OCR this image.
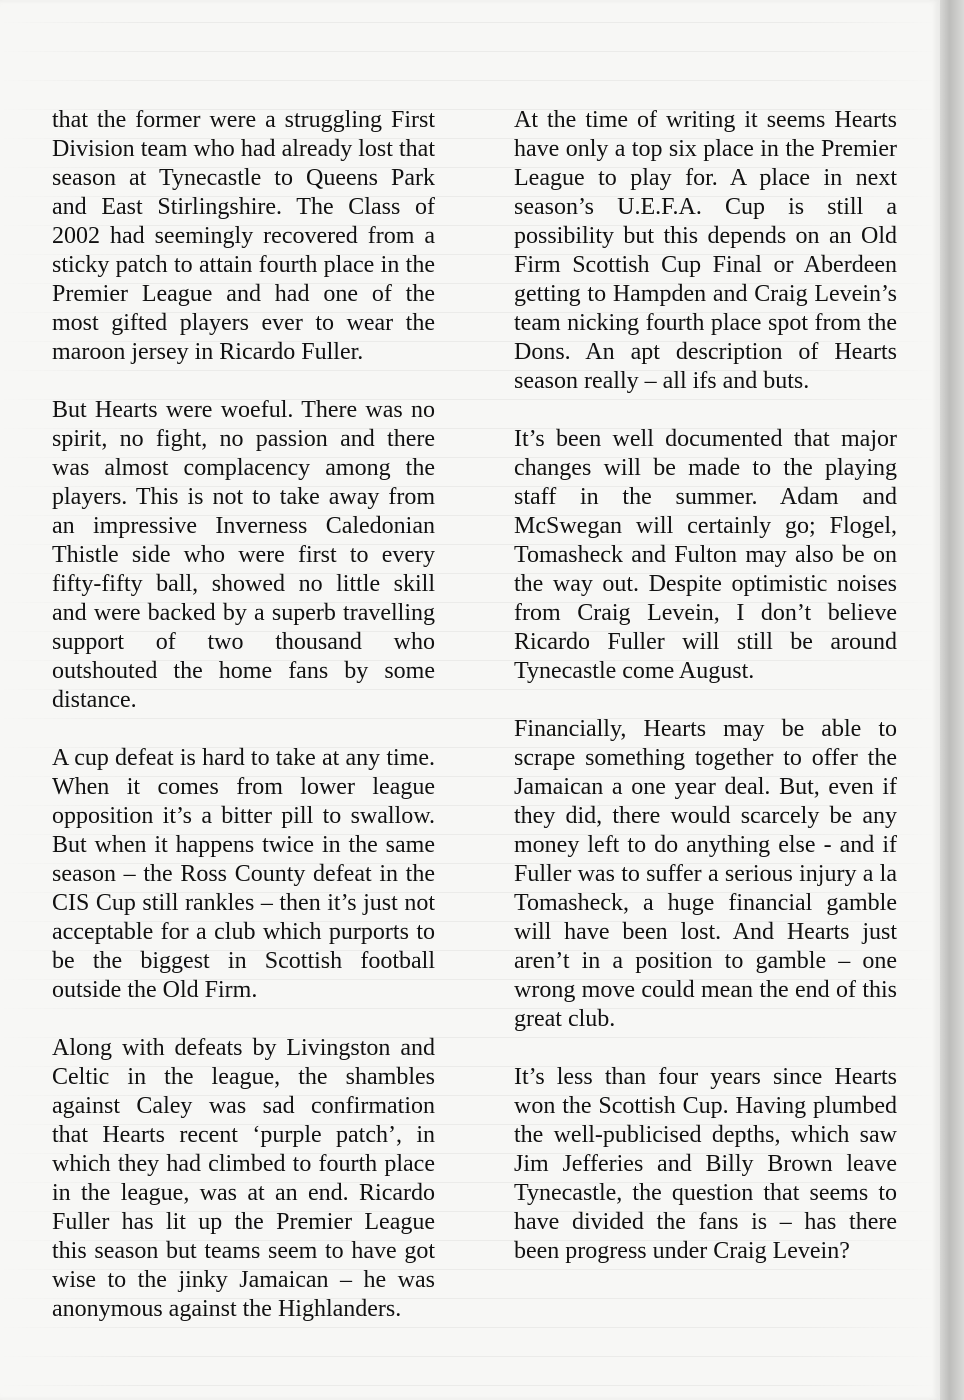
that the former were a struggling First Division team who had already lost that season at Tynecastle to Queens Park and East Stirlingshire. The Class of 2002 had seemingly recovered from a sticky patch to attain fourth place in the Premier League and had one of the most gifted players ever to wear the maroon jersey in Ricardo Fuller.

But Hearts were woeful. There was no spirit, no fight, no passion and there was almost complacency among the players. This is not to take away from an impressive Inverness Caledonian Thistle side who were first to every fifty-fifty ball, showed no little skill and were backed by a superb travelling support of two thousand who outshouted the home fans by some distance.

A cup defeat is hard to take at any time. When it comes from lower league opposition it’s a bitter pill to swallow. But when it happens twice in the same season – the Ross County defeat in the CIS Cup still rankles – then it’s just not acceptable for a club which purports to be the biggest in Scottish football outside the Old Firm.

Along with defeats by Livingston and Celtic in the league, the shambles against Caley was sad confirmation that Hearts recent ‘purple patch’, in which they had climbed to fourth place in the league, was at an end. Ricardo Fuller has lit up the Premier League this season but teams seem to have got wise to the jinky Jamaican – he was anonymous against the Highlanders.

At the time of writing it seems Hearts have only a top six place in the Premier League to play for. A place in next season’s U.E.F.A. Cup is still a possibility but this depends on an Old Firm Scottish Cup Final or Aberdeen getting to Hampden and Craig Levein’s team nicking fourth place spot from the Dons. An apt description of Hearts season really – all ifs and buts.

It’s been well documented that major changes will be made to the playing staff in the summer. Adam and McSwegan will certainly go; Flogel, Tomasheck and Fulton may also be on the way out. Despite optimistic noises from Craig Levein, I don’t believe Ricardo Fuller will still be around Tynecastle come August.

Financially, Hearts may be able to scrape something together to offer the Jamaican a one year deal. But, even if they did, there would scarcely be any money left to do anything else - and if Fuller was to suffer a serious injury a la Tomasheck, a huge financial gamble will have been lost. And Hearts just aren’t in a position to gamble – one wrong move could mean the end of this great club.

It’s less than four years since Hearts won the Scottish Cup. Having plumbed the well-publicised depths, which saw Jim Jefferies and Billy Brown leave Tynecastle, the question that seems to have divided the fans is – has there been progress under Craig Levein?
